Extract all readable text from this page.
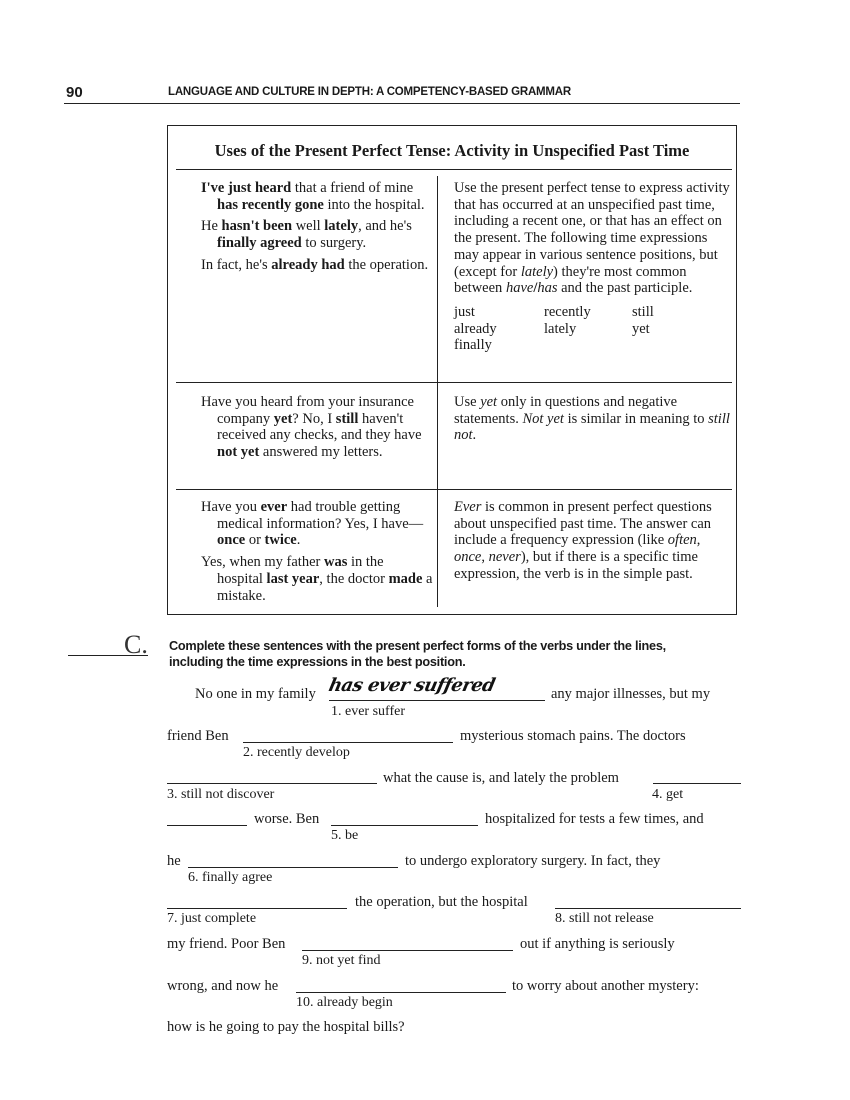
90	LANGUAGE AND CULTURE IN DEPTH: A COMPETENCY-BASED GRAMMAR
Uses of the Present Perfect Tense: Activity in Unspecified Past Time

I've just heard that a friend of mine has recently gone into the hospital.

He hasn't been well lately, and he's finally agreed to surgery.

In fact, he's already had the operation.

Use the present perfect tense to express activity that has occurred at an unspecified past time, including a recent one, or that has an effect on the present. The following time expressions may appear in various sentence positions, but (except for lately) they're most common between have/has and the past participle.

just	recently	still
already	lately	yet
finally

Have you heard from your insurance company yet? No, I still haven't received any checks, and they have not yet answered my letters.

Use yet only in questions and negative statements. Not yet is similar in meaning to still not.

Have you ever had trouble getting medical information? Yes, I have—once or twice.

Yes, when my father was in the hospital last year, the doctor made a mistake.

Ever is common in present perfect questions about unspecified past time. The answer can include a frequency expression (like often, once, never), but if there is a specific time expression, the verb is in the simple past.

C. Complete these sentences with the present perfect forms of the verbs under the lines,
including the time expressions in the best position.
No one in my family has ever suffered	any major illnesses, but my
1. ever suffer
friend Ben	mysterious stomach pains. The doctors
2. recently develop
what the cause is, and lately the problem
3. still not discover	4. get
worse. Ben	hospitalized for tests a few times, and
5. be
he	to undergo exploratory surgery. In fact, they
6. finally agree
the operation, but the hospital
7. just complete	8. still not release
my friend. Poor Ben	out if anything is seriously
9. not yet find
wrong, and now he	to worry about another mystery:
10. already begin
how is he going to pay the hospital bills?
